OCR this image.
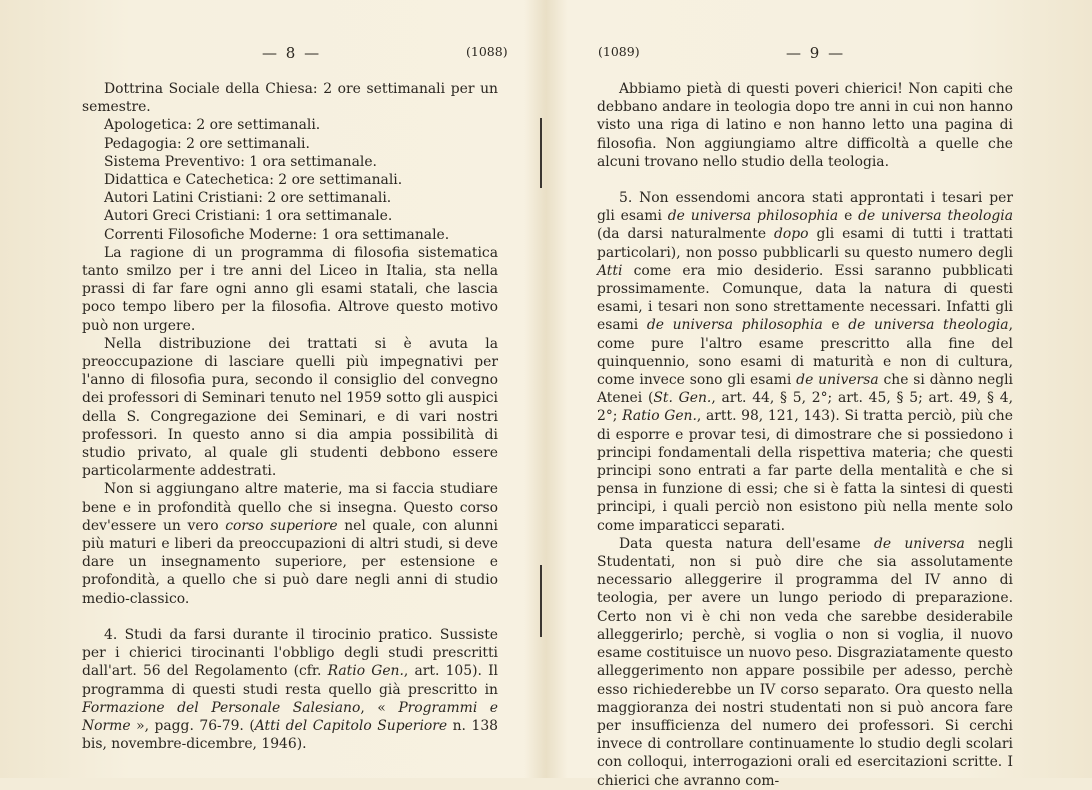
— 8 —	(1088)

Dottrina Sociale della Chiesa: 2 ore settimanali per un semestre.

Apologetica: 2 ore settimanali.

Pedagogia: 2 ore settimanali.

Sistema Preventivo: 1 ora settimanale.

Didattica e Catechetica: 2 ore settimanali.

Autori Latini Cristiani: 2 ore settimanali.

Autori Greci Cristiani: 1 ora settimanale.

Correnti Filosofiche Moderne: 1 ora settimanale.

La ragione di un programma di filosofia sistematica tanto smilzo per i tre anni del Liceo in Italia, sta nella prassi di far fare ogni anno gli esami statali, che lascia poco tempo libero per la filosofia. Altrove questo motivo può non urgere.

Nella distribuzione dei trattati si è avuta la preoccupazione di lasciare quelli più impegnativi per l'anno di filosofia pura, secondo il consiglio del convegno dei professori di Seminari tenuto nel 1959 sotto gli auspici della S. Congregazione dei Seminari, e di vari nostri professori. In questo anno si dia ampia possibilità di studio privato, al quale gli studenti debbono essere particolarmente addestrati.

Non si aggiungano altre materie, ma si faccia studiare bene e in profondità quello che si insegna. Questo corso dev'essere un vero corso superiore nel quale, con alunni più maturi e liberi da preoccupazioni di altri studi, si deve dare un insegnamento superiore, per estensione e profondità, a quello che si può dare negli anni di studio medio-classico.

4. Studi da farsi durante il tirocinio pratico. Sussiste per i chierici tirocinanti l'obbligo degli studi prescritti dall'art. 56 del Regolamento (cfr. Ratio Gen., art. 105). Il programma di questi studi resta quello già prescritto in Formazione del Personale Salesiano, « Programmi e Norme », pagg. 76-79. (Atti del Capitolo Superiore n. 138 bis, novembre-dicembre, 1946).

(1089)	— 9 —

Abbiamo pietà di questi poveri chierici! Non capiti che debbano andare in teologia dopo tre anni in cui non hanno visto una riga di latino e non hanno letto una pagina di filosofia. Non aggiungiamo altre difficoltà a quelle che alcuni trovano nello studio della teologia.

5. Non essendomi ancora stati approntati i tesari per gli esami de universa philosophia e de universa theologia (da darsi naturalmente dopo gli esami di tutti i trattati particolari), non posso pubblicarli su questo numero degli Atti come era mio desiderio. Essi saranno pubblicati prossimamente. Comunque, data la natura di questi esami, i tesari non sono strettamente necessari. Infatti gli esami de universa philosophia e de universa theologia, come pure l'altro esame prescritto alla fine del quinquennio, sono esami di maturità e non di cultura, come invece sono gli esami de universa che si dànno negli Atenei (St. Gen., art. 44, § 5, 2°; art. 45, § 5; art. 49, § 4, 2°; Ratio Gen., artt. 98, 121, 143). Si tratta perciò, più che di esporre e provar tesi, di dimostrare che si possiedono i principi fondamentali della rispettiva materia; che questi principi sono entrati a far parte della mentalità e che si pensa in funzione di essi; che si è fatta la sintesi di questi principi, i quali perciò non esistono più nella mente solo come imparaticci separati.

Data questa natura dell'esame de universa negli Studentati, non si può dire che sia assolutamente necessario alleggerire il programma del IV anno di teologia, per avere un lungo periodo di preparazione. Certo non vi è chi non veda che sarebbe desiderabile alleggerirlo; perchè, si voglia o non si voglia, il nuovo esame costituisce un nuovo peso. Disgraziatamente questo alleggerimento non appare possibile per adesso, perchè esso richiederebbe un IV corso separato. Ora questo nella maggioranza dei nostri studentati non si può ancora fare per insufficienza del numero dei professori. Si cerchi invece di controllare continuamente lo studio degli scolari con colloqui, interrogazioni orali ed esercitazioni scritte. I chierici che avranno com-
